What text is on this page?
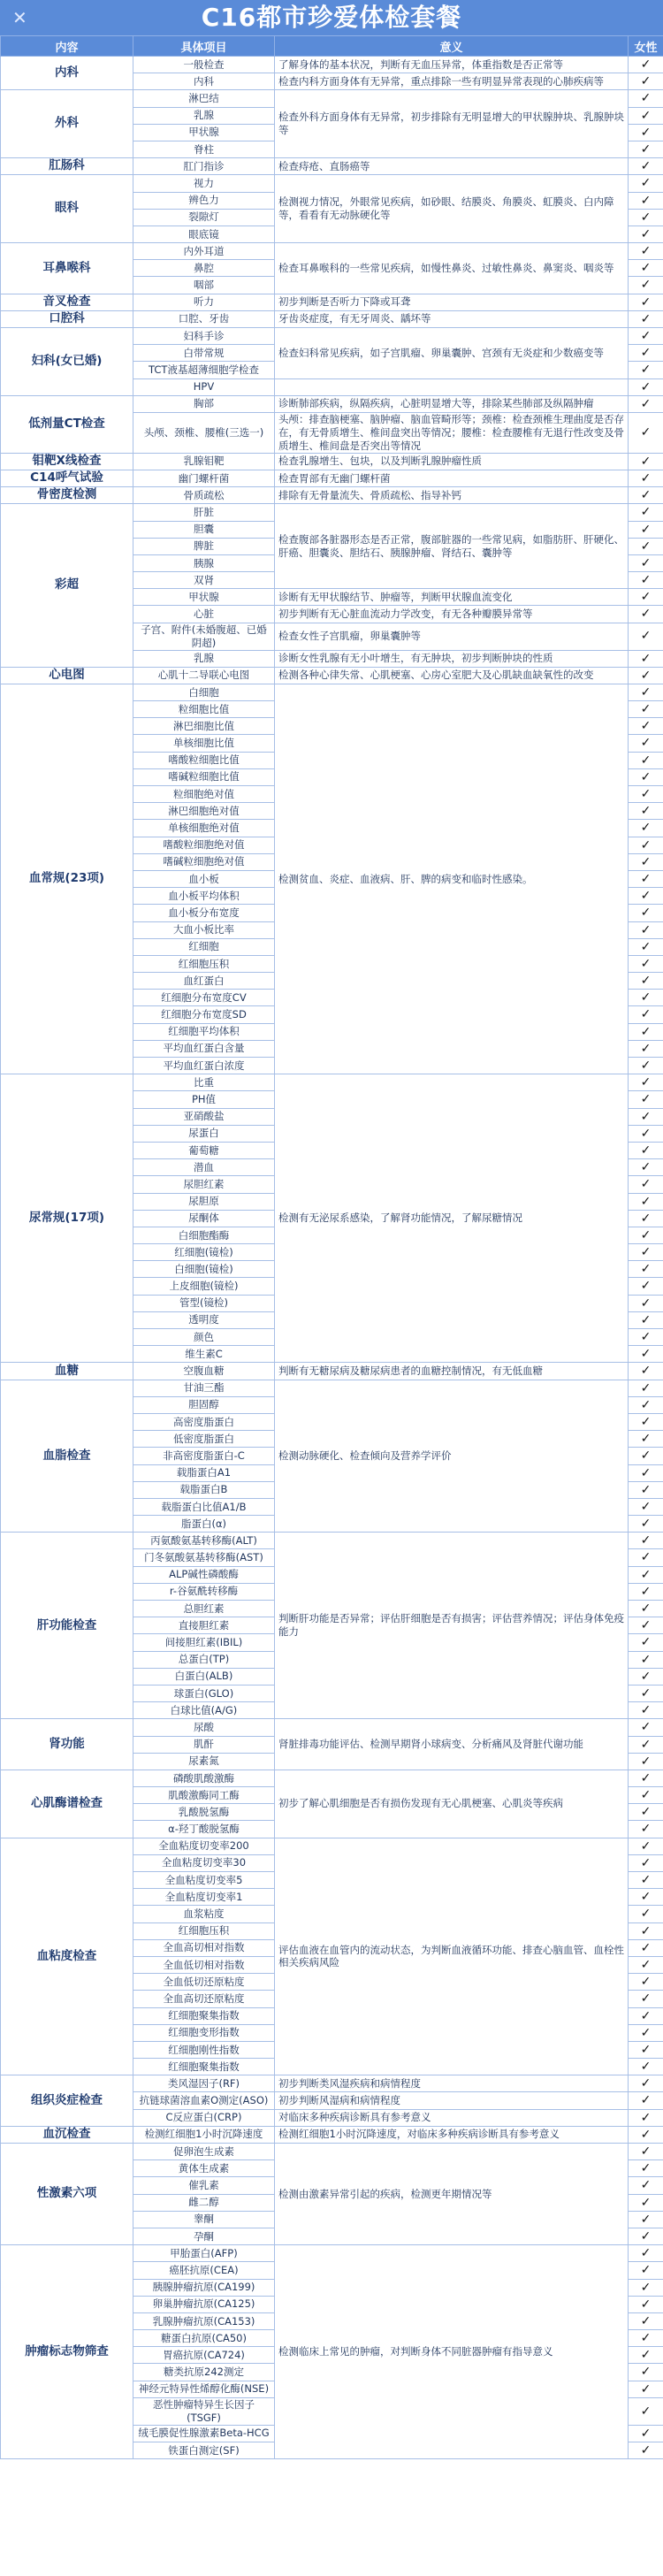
✕	C16都市珍爱体检套餐
内容	具体项目	意义	女性
内科	一般检查	了解身体的基本状况，判断有无血压异常，体重指数是否正常等	✓
	内科	检查内科方面身体有无异常，重点排除一些有明显异常表现的心肺疾病等	✓
外科	淋巴结	检查外科方面身体有无异常，初步排除有无明显增大的甲状腺肿块、乳腺肿块等	✓
	乳腺		✓
	甲状腺		✓
	脊柱		✓
肛肠科	肛门指诊	检查痔疮、直肠癌等	✓
眼科	视力	检测视力情况，外眼常见疾病，如砂眼、结膜炎、角膜炎、虹膜炎、白内障等，看看有无动脉硬化等	✓
	辨色力		✓
	裂隙灯		✓
	眼底镜		✓
耳鼻喉科	内外耳道	检查耳鼻喉科的一些常见疾病，如慢性鼻炎、过敏性鼻炎、鼻窦炎、咽炎等	✓
	鼻腔		✓
	咽部		✓
音叉检查	听力	初步判断是否听力下降或耳聋	✓
口腔科	口腔、牙齿	牙齿炎症度，有无牙周炎、龋坏等	✓
妇科(女已婚)	妇科手诊	检查妇科常见疾病，如子宫肌瘤、卵巢囊肿、宫颈有无炎症和少数癌变等	✓
	白带常规		✓
	TCT液基超薄细胞学检查		✓
	HPV		✓
低剂量CT检查	胸部	诊断肺部疾病，纵隔疾病，心脏明显增大等，排除某些肺部及纵隔肿瘤	✓
	头颅、颈椎、腰椎(三选一)	头颅：排查脑梗塞、脑肿瘤、脑血管畸形等；颈椎：检查颈椎生理曲度是否存在，有无骨质增生、椎间盘突出等情况；腰椎：检查腰椎有无退行性改变及骨质增生、椎间盘是否突出等情况	✓
钼靶X线检查	乳腺钼靶	检查乳腺增生、包块，以及判断乳腺肿瘤性质	✓
C14呼气试验	幽门螺杆菌	检查胃部有无幽门螺杆菌	✓
骨密度检测	骨质疏松	排除有无骨量流失、骨质疏松、指导补钙	✓
彩超	肝脏	检查腹部各脏器形态是否正常，腹部脏器的一些常见病，如脂肪肝、肝硬化、肝癌、胆囊炎、胆结石、胰腺肿瘤、肾结石、囊肿等	✓
	胆囊		✓
	脾脏		✓
	胰腺		✓
	双肾		✓
	甲状腺	诊断有无甲状腺结节、肿瘤等，判断甲状腺血流变化	✓
	心脏	初步判断有无心脏血流动力学改变，有无各种瓣膜异常等	✓
	子宫、附件(未婚腹超、已婚阴超)	检查女性子宫肌瘤，卵巢囊肿等	✓
	乳腺	诊断女性乳腺有无小叶增生，有无肿块，初步判断肿块的性质	✓
心电图	心肌十二导联心电图	检测各种心律失常、心肌梗塞、心房心室肥大及心肌缺血缺氧性的改变	✓
血常规(23项)	白细胞	检测贫血、炎症、血液病、肝、脾的病变和临时性感染。	✓
	粒细胞比值		✓
	淋巴细胞比值		✓
	单核细胞比值		✓
	嗜酸粒细胞比值		✓
	嗜碱粒细胞比值		✓
	粒细胞绝对值		✓
	淋巴细胞绝对值		✓
	单核细胞绝对值		✓
	嗜酸粒细胞绝对值		✓
	嗜碱粒细胞绝对值		✓
	血小板		✓
	血小板平均体积		✓
	血小板分布宽度		✓
	大血小板比率		✓
	红细胞		✓
	红细胞压积		✓
	血红蛋白		✓
	红细胞分布宽度CV		✓
	红细胞分布宽度SD		✓
	红细胞平均体积		✓
	平均血红蛋白含量		✓
	平均血红蛋白浓度		✓
尿常规(17项)	比重	检测有无泌尿系感染，了解肾功能情况，了解尿糖情况	✓
	PH值		✓
	亚硝酸盐		✓
	尿蛋白		✓
	葡萄糖		✓
	潜血		✓
	尿胆红素		✓
	尿胆原		✓
	尿酮体		✓
	白细胞酯酶		✓
	红细胞(镜检)		✓
	白细胞(镜检)		✓
	上皮细胞(镜检)		✓
	管型(镜检)		✓
	透明度		✓
	颜色		✓
	维生素C		✓
血糖	空腹血糖	判断有无糖尿病及糖尿病患者的血糖控制情况，有无低血糖	✓
血脂检查	甘油三酯	检测动脉硬化、检查倾向及营养学评价	✓
	胆固醇		✓
	高密度脂蛋白		✓
	低密度脂蛋白		✓
	非高密度脂蛋白-C		✓
	载脂蛋白A1		✓
	载脂蛋白B		✓
	载脂蛋白比值A1/B		✓
	脂蛋白(α)		✓
肝功能检查	丙氨酸氨基转移酶(ALT)	判断肝功能是否异常；评估肝细胞是否有损害；评估营养情况；评估身体免疫能力	✓
	门冬氨酸氨基转移酶(AST)		✓
	ALP碱性磷酸酶		✓
	r-谷氨酰转移酶		✓
	总胆红素		✓
	直接胆红素		✓
	间接胆红素(IBIL)		✓
	总蛋白(TP)		✓
	白蛋白(ALB)		✓
	球蛋白(GLO)		✓
	白球比值(A/G)		✓
肾功能	尿酸	肾脏排毒功能评估、检测早期肾小球病变、分析痛风及肾脏代谢功能	✓
	肌酐		✓
	尿素氮		✓
心肌酶谱检查	磷酸肌酸激酶	初步了解心肌细胞是否有损伤发现有无心肌梗塞、心肌炎等疾病	✓
	肌酸激酶同工酶		✓
	乳酸脱氢酶		✓
	α-羟丁酸脱氢酶		✓
血粘度检查	全血粘度切变率200	评估血液在血管内的流动状态，为判断血液循环功能、排查心脑血管、血栓性相关疾病风险	✓
	全血粘度切变率30		✓
	全血粘度切变率5		✓
	全血粘度切变率1		✓
	血浆粘度		✓
	红细胞压积		✓
	全血高切相对指数		✓
	全血低切相对指数		✓
	全血低切还原粘度		✓
	全血高切还原粘度		✓
	红细胞聚集指数		✓
	红细胞变形指数		✓
	红细胞刚性指数		✓
	红细胞聚集指数		✓
组织炎症检查	类风湿因子(RF)	初步判断类风湿疾病和病情程度	✓
	抗链球菌溶血素O测定(ASO)	初步判断风湿病和病情程度	✓
	C反应蛋白(CRP)	对临床多种疾病诊断具有参考意义	✓
血沉检查	检测红细胞1小时沉降速度	检测红细胞1小时沉降速度，对临床多种疾病诊断具有参考意义	✓
性激素六项	促卵泡生成素	检测由激素异常引起的疾病，检测更年期情况等	✓
	黄体生成素		✓
	催乳素		✓
	雌二醇		✓
	睾酮		✓
	孕酮		✓
肿瘤标志物筛查	甲胎蛋白(AFP)	检测临床上常见的肿瘤，对判断身体不同脏器肿瘤有指导意义	✓
	癌胚抗原(CEA)		✓
	胰腺肿瘤抗原(CA199)		✓
	卵巢肿瘤抗原(CA125)		✓
	乳腺肿瘤抗原(CA153)		✓
	糖蛋白抗原(CA50)		✓
	胃癌抗原(CA724)		✓
	糖类抗原242测定		✓
	神经元特异性烯醇化酶(NSE)		✓
	恶性肿瘤特异生长因子(TSGF)		✓
	绒毛膜促性腺激素Beta-HCG		✓
	铁蛋白测定(SF)		✓
